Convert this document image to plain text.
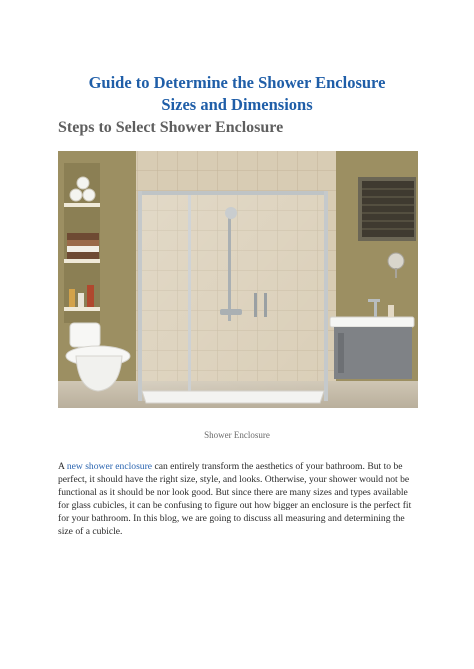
Guide to Determine the Shower Enclosure
Sizes and Dimensions
Steps to Select Shower Enclosure

Shower Enclosure

A new shower enclosure can entirely transform the aesthetics of your bathroom. But to be perfect, it should have the right size, style, and looks. Otherwise, your shower would not be functional as it should be nor look good. But since there are many sizes and types available for glass cubicles, it can be confusing to figure out how bigger an enclosure is the perfect fit for your bathroom. In this blog, we are going to discuss all measuring and determining the size of a cubicle.
